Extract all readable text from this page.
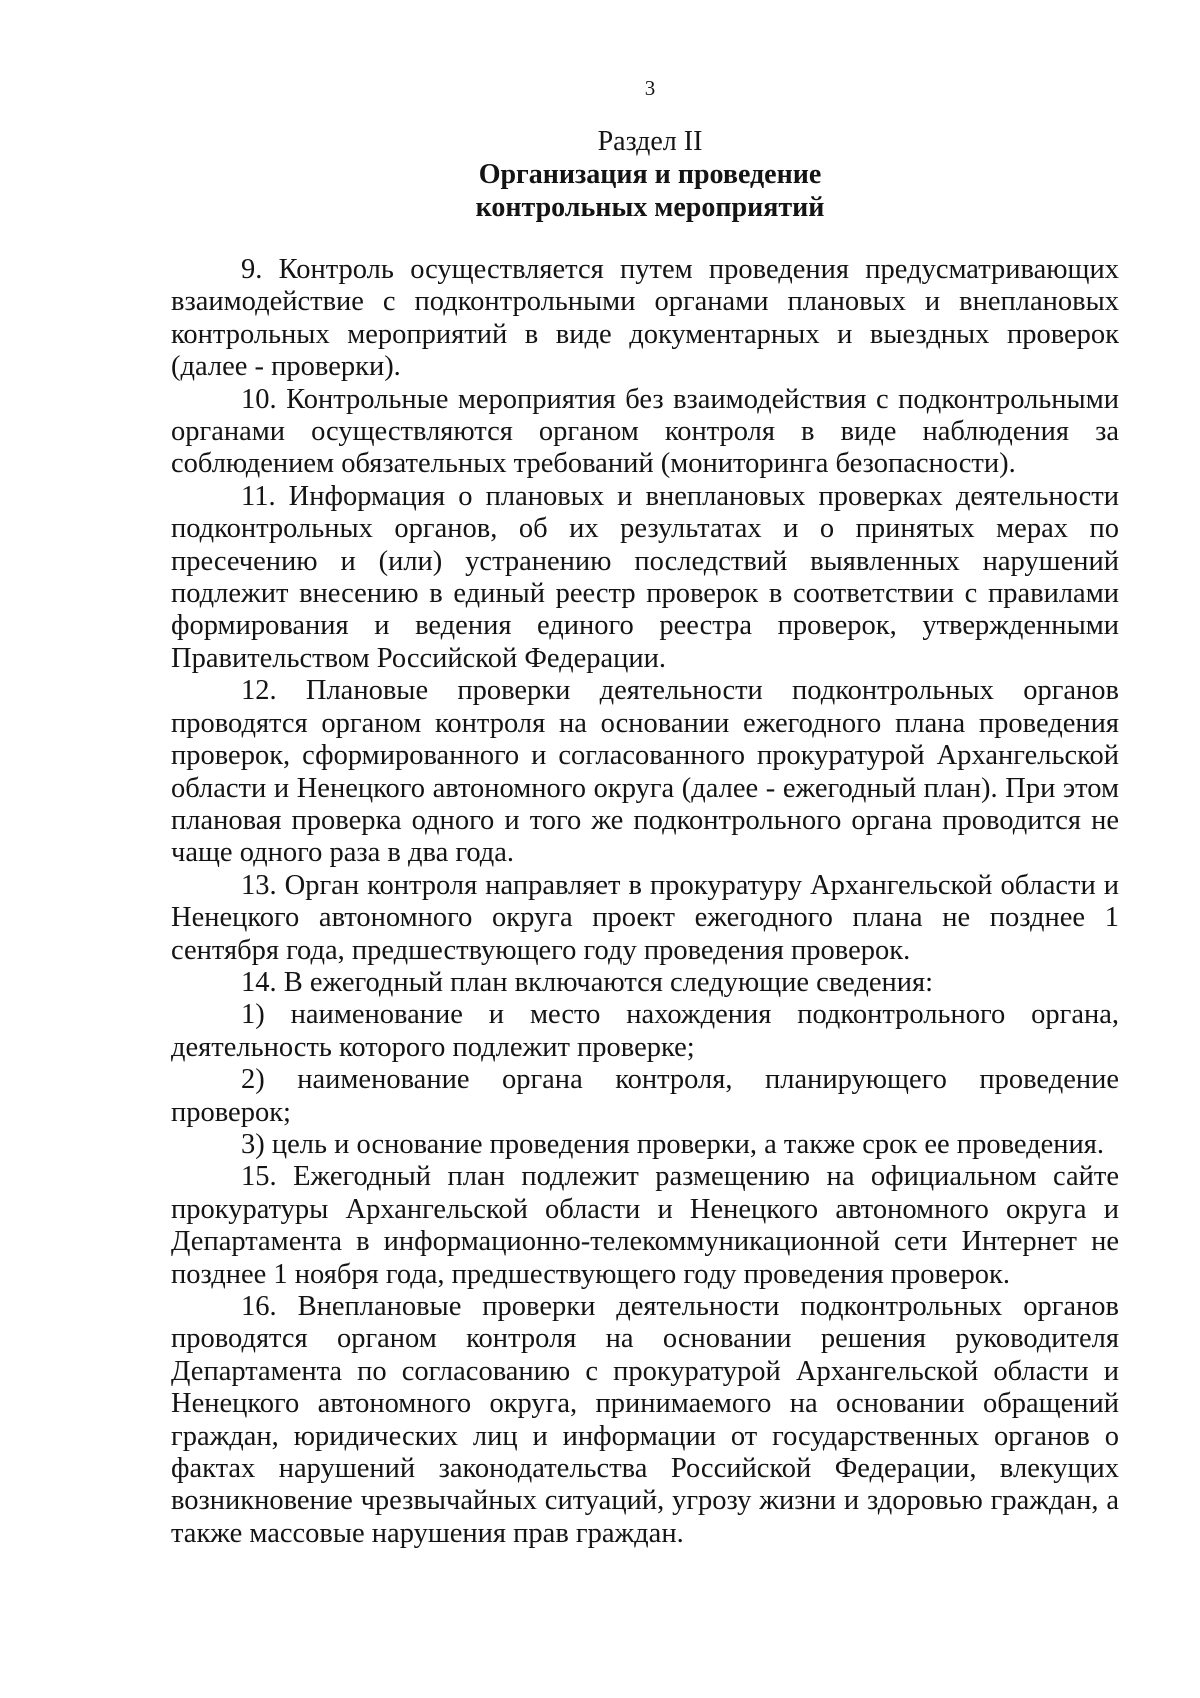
3
Раздел II
Организация и проведение
контрольных мероприятий

9. Контроль осуществляется путем проведения предусматривающих взаимодействие с подконтрольными органами плановых и внеплановых контрольных мероприятий в виде документарных и выездных проверок (далее - проверки).

10. Контрольные мероприятия без взаимодействия с подконтрольными органами осуществляются органом контроля в виде наблюдения за соблюдением обязательных требований (мониторинга безопасности).

11. Информация о плановых и внеплановых проверках деятельности подконтрольных органов, об их результатах и о принятых мерах по пресечению и (или) устранению последствий выявленных нарушений подлежит внесению в единый реестр проверок в соответствии с правилами формирования и ведения единого реестра проверок, утвержденными Правительством Российской Федерации.

12. Плановые проверки деятельности подконтрольных органов проводятся органом контроля на основании ежегодного плана проведения проверок, сформированного и согласованного прокуратурой Архангельской области и Ненецкого автономного округа (далее - ежегодный план). При этом плановая проверка одного и того же подконтрольного органа проводится не чаще одного раза в два года.

13. Орган контроля направляет в прокуратуру Архангельской области и Ненецкого автономного округа проект ежегодного плана не позднее 1 сентября года, предшествующего году проведения проверок.

14. В ежегодный план включаются следующие сведения:

1) наименование и место нахождения подконтрольного органа, деятельность которого подлежит проверке;

2) наименование органа контроля, планирующего проведение проверок;

3) цель и основание проведения проверки, а также срок ее проведения.

15. Ежегодный план подлежит размещению на официальном сайте прокуратуры Архангельской области и Ненецкого автономного округа и Департамента в информационно-телекоммуникационной сети Интернет не позднее 1 ноября года, предшествующего году проведения проверок.

16. Внеплановые проверки деятельности подконтрольных органов проводятся органом контроля на основании решения руководителя Департамента по согласованию с прокуратурой Архангельской области и Ненецкого автономного округа, принимаемого на основании обращений граждан, юридических лиц и информации от государственных органов о фактах нарушений законодательства Российской Федерации, влекущих возникновение чрезвычайных ситуаций, угрозу жизни и здоровью граждан, а также массовые нарушения прав граждан.
